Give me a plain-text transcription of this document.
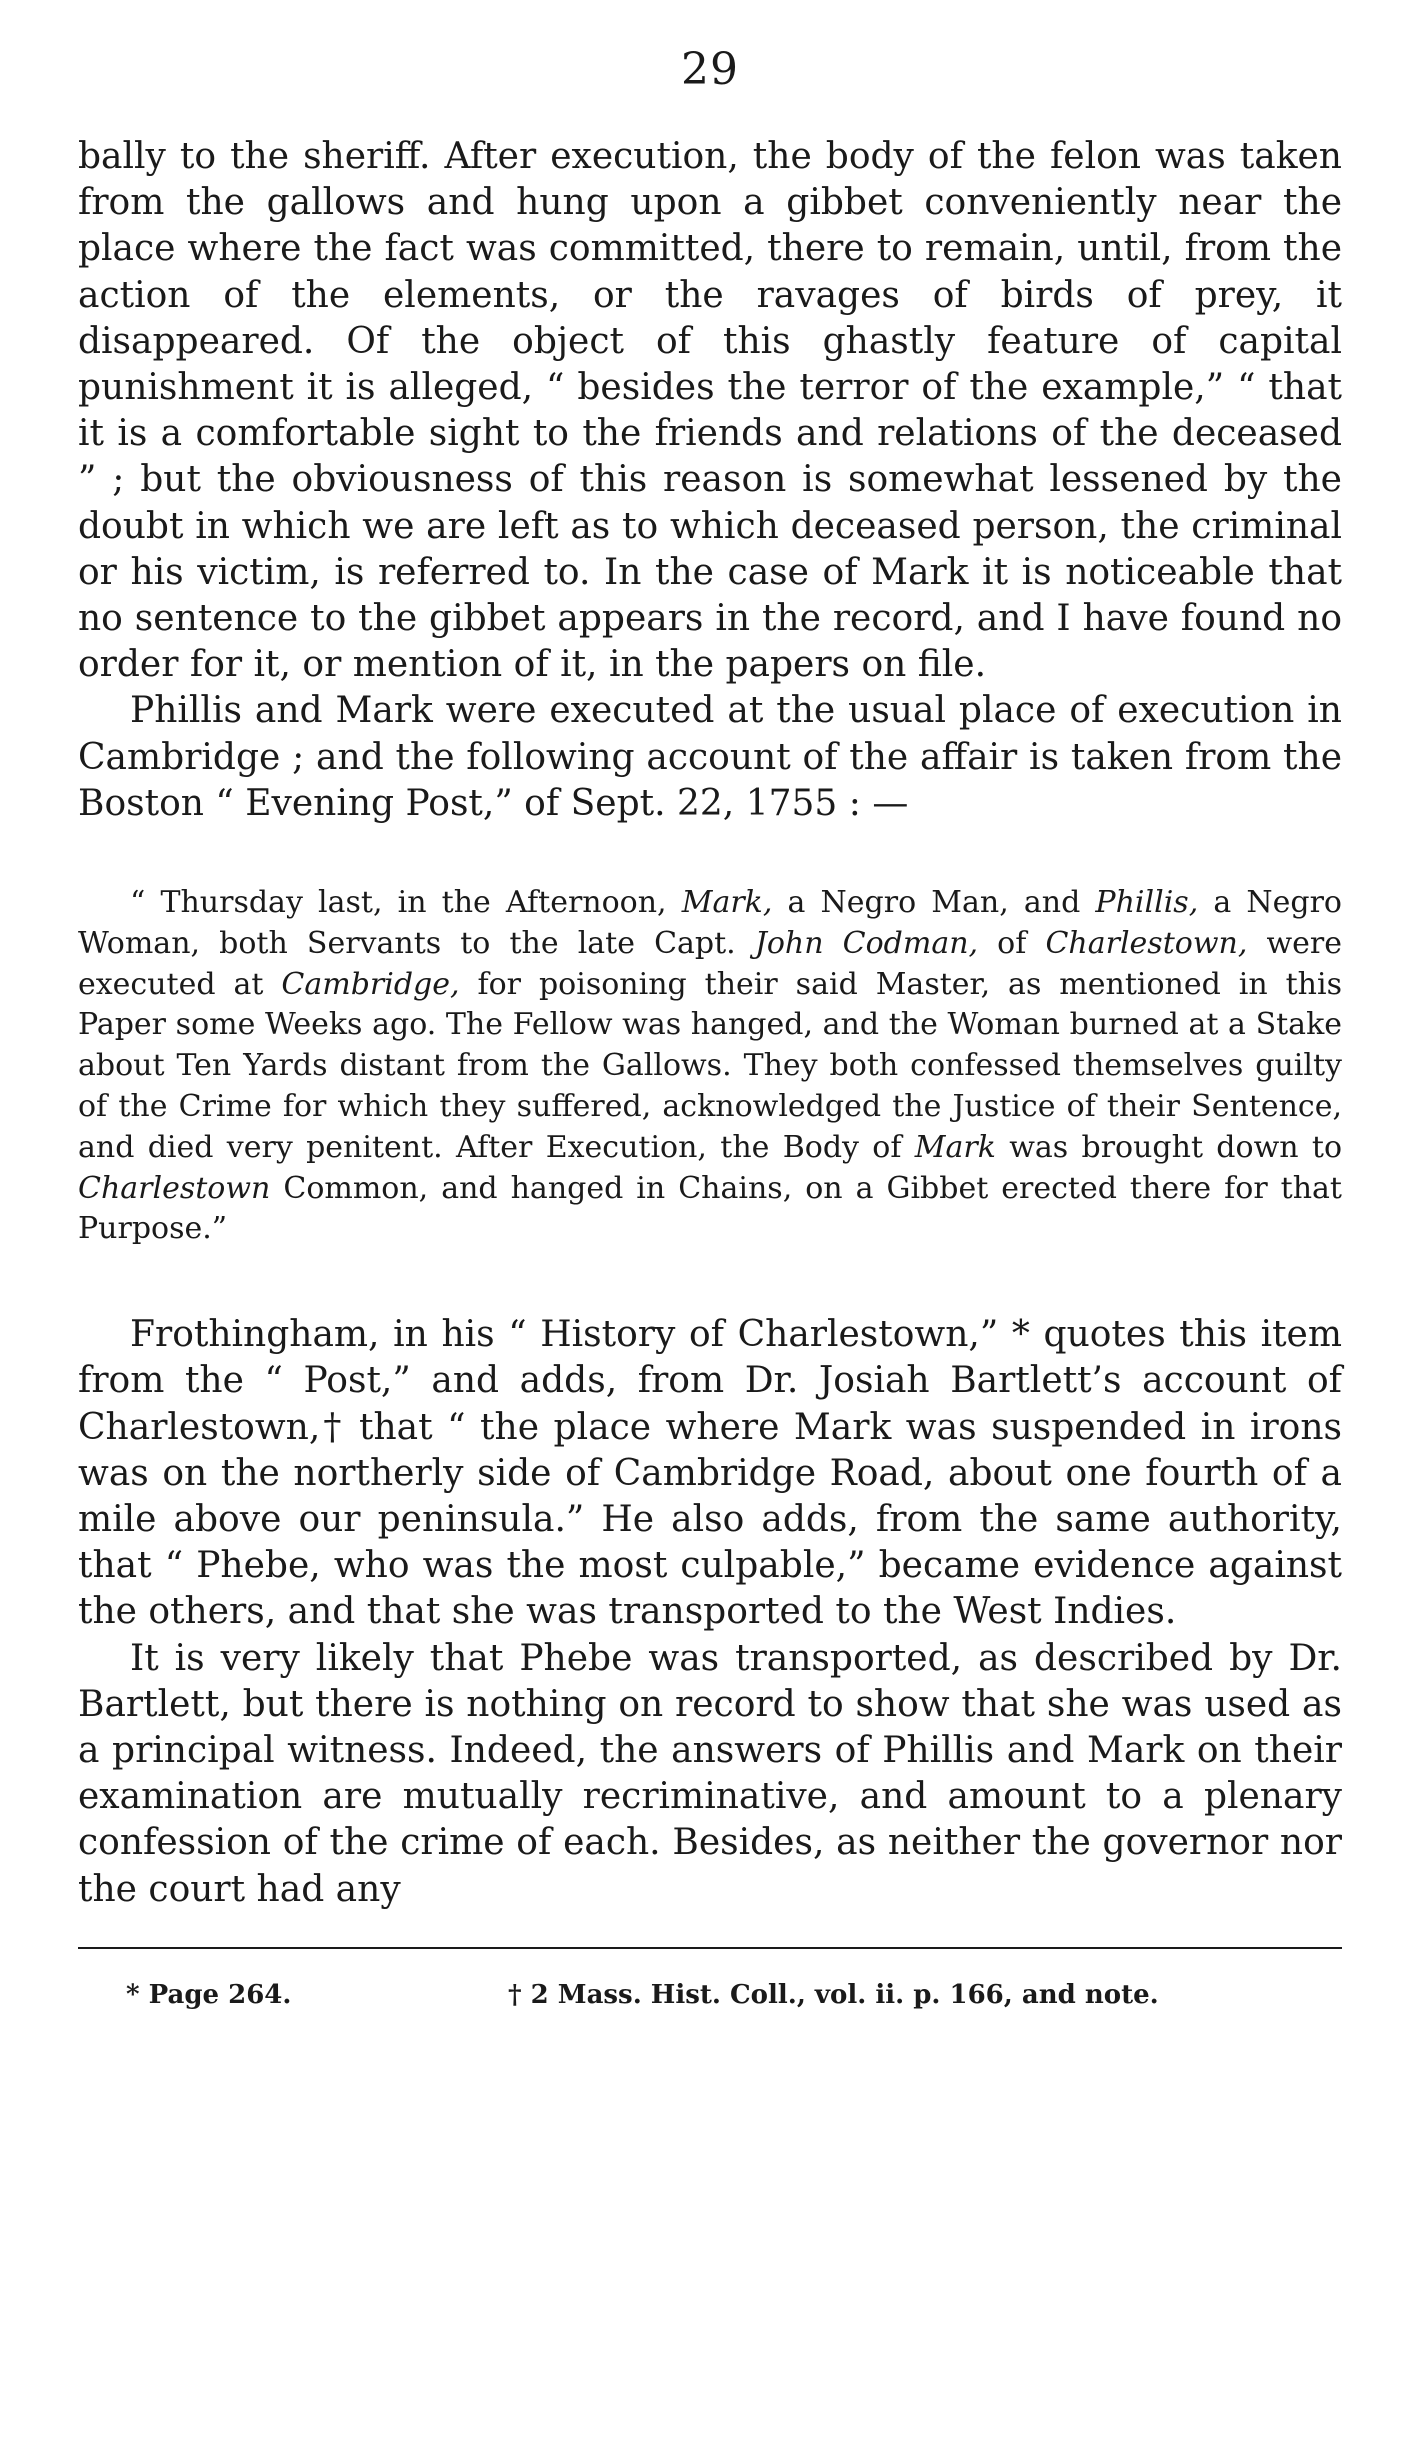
29

bally to the sheriff. After execution, the body of the felon was taken from the gallows and hung upon a gibbet conveniently near the place where the fact was committed, there to remain, until, from the action of the elements, or the ravages of birds of prey, it disappeared. Of the object of this ghastly feature of capital punishment it is alleged, “ besides the terror of the example,” “ that it is a comfortable sight to the friends and relations of the deceased ” ; but the obviousness of this reason is somewhat lessened by the doubt in which we are left as to which deceased person, the criminal or his victim, is referred to. In the case of Mark it is noticeable that no sentence to the gibbet appears in the record, and I have found no order for it, or mention of it, in the papers on file.

Phillis and Mark were executed at the usual place of execution in Cambridge ; and the following account of the affair is taken from the Boston “ Evening Post,” of Sept. 22, 1755 : —

“ Thursday last, in the Afternoon, Mark, a Negro Man, and Phillis, a Negro Woman, both Servants to the late Capt. John Codman, of Charlestown, were executed at Cambridge, for poisoning their said Master, as mentioned in this Paper some Weeks ago. The Fellow was hanged, and the Woman burned at a Stake about Ten Yards distant from the Gallows. They both confessed themselves guilty of the Crime for which they suffered, acknowledged the Justice of their Sentence, and died very penitent. After Execution, the Body of Mark was brought down to Charlestown Common, and hanged in Chains, on a Gibbet erected there for that Purpose.”

Frothingham, in his “ History of Charlestown,” * quotes this item from the “ Post,” and adds, from Dr. Josiah Bartlett’s account of Charlestown,† that “ the place where Mark was suspended in irons was on the northerly side of Cambridge Road, about one fourth of a mile above our peninsula.” He also adds, from the same authority, that “ Phebe, who was the most culpable,” became evidence against the others, and that she was transported to the West Indies.

It is very likely that Phebe was transported, as described by Dr. Bartlett, but there is nothing on record to show that she was used as a principal witness. Indeed, the answers of Phillis and Mark on their examination are mutually recriminative, and amount to a plenary confession of the crime of each. Besides, as neither the governor nor the court had any

* Page 264.	† 2 Mass. Hist. Coll., vol. ii. p. 166, and note.
